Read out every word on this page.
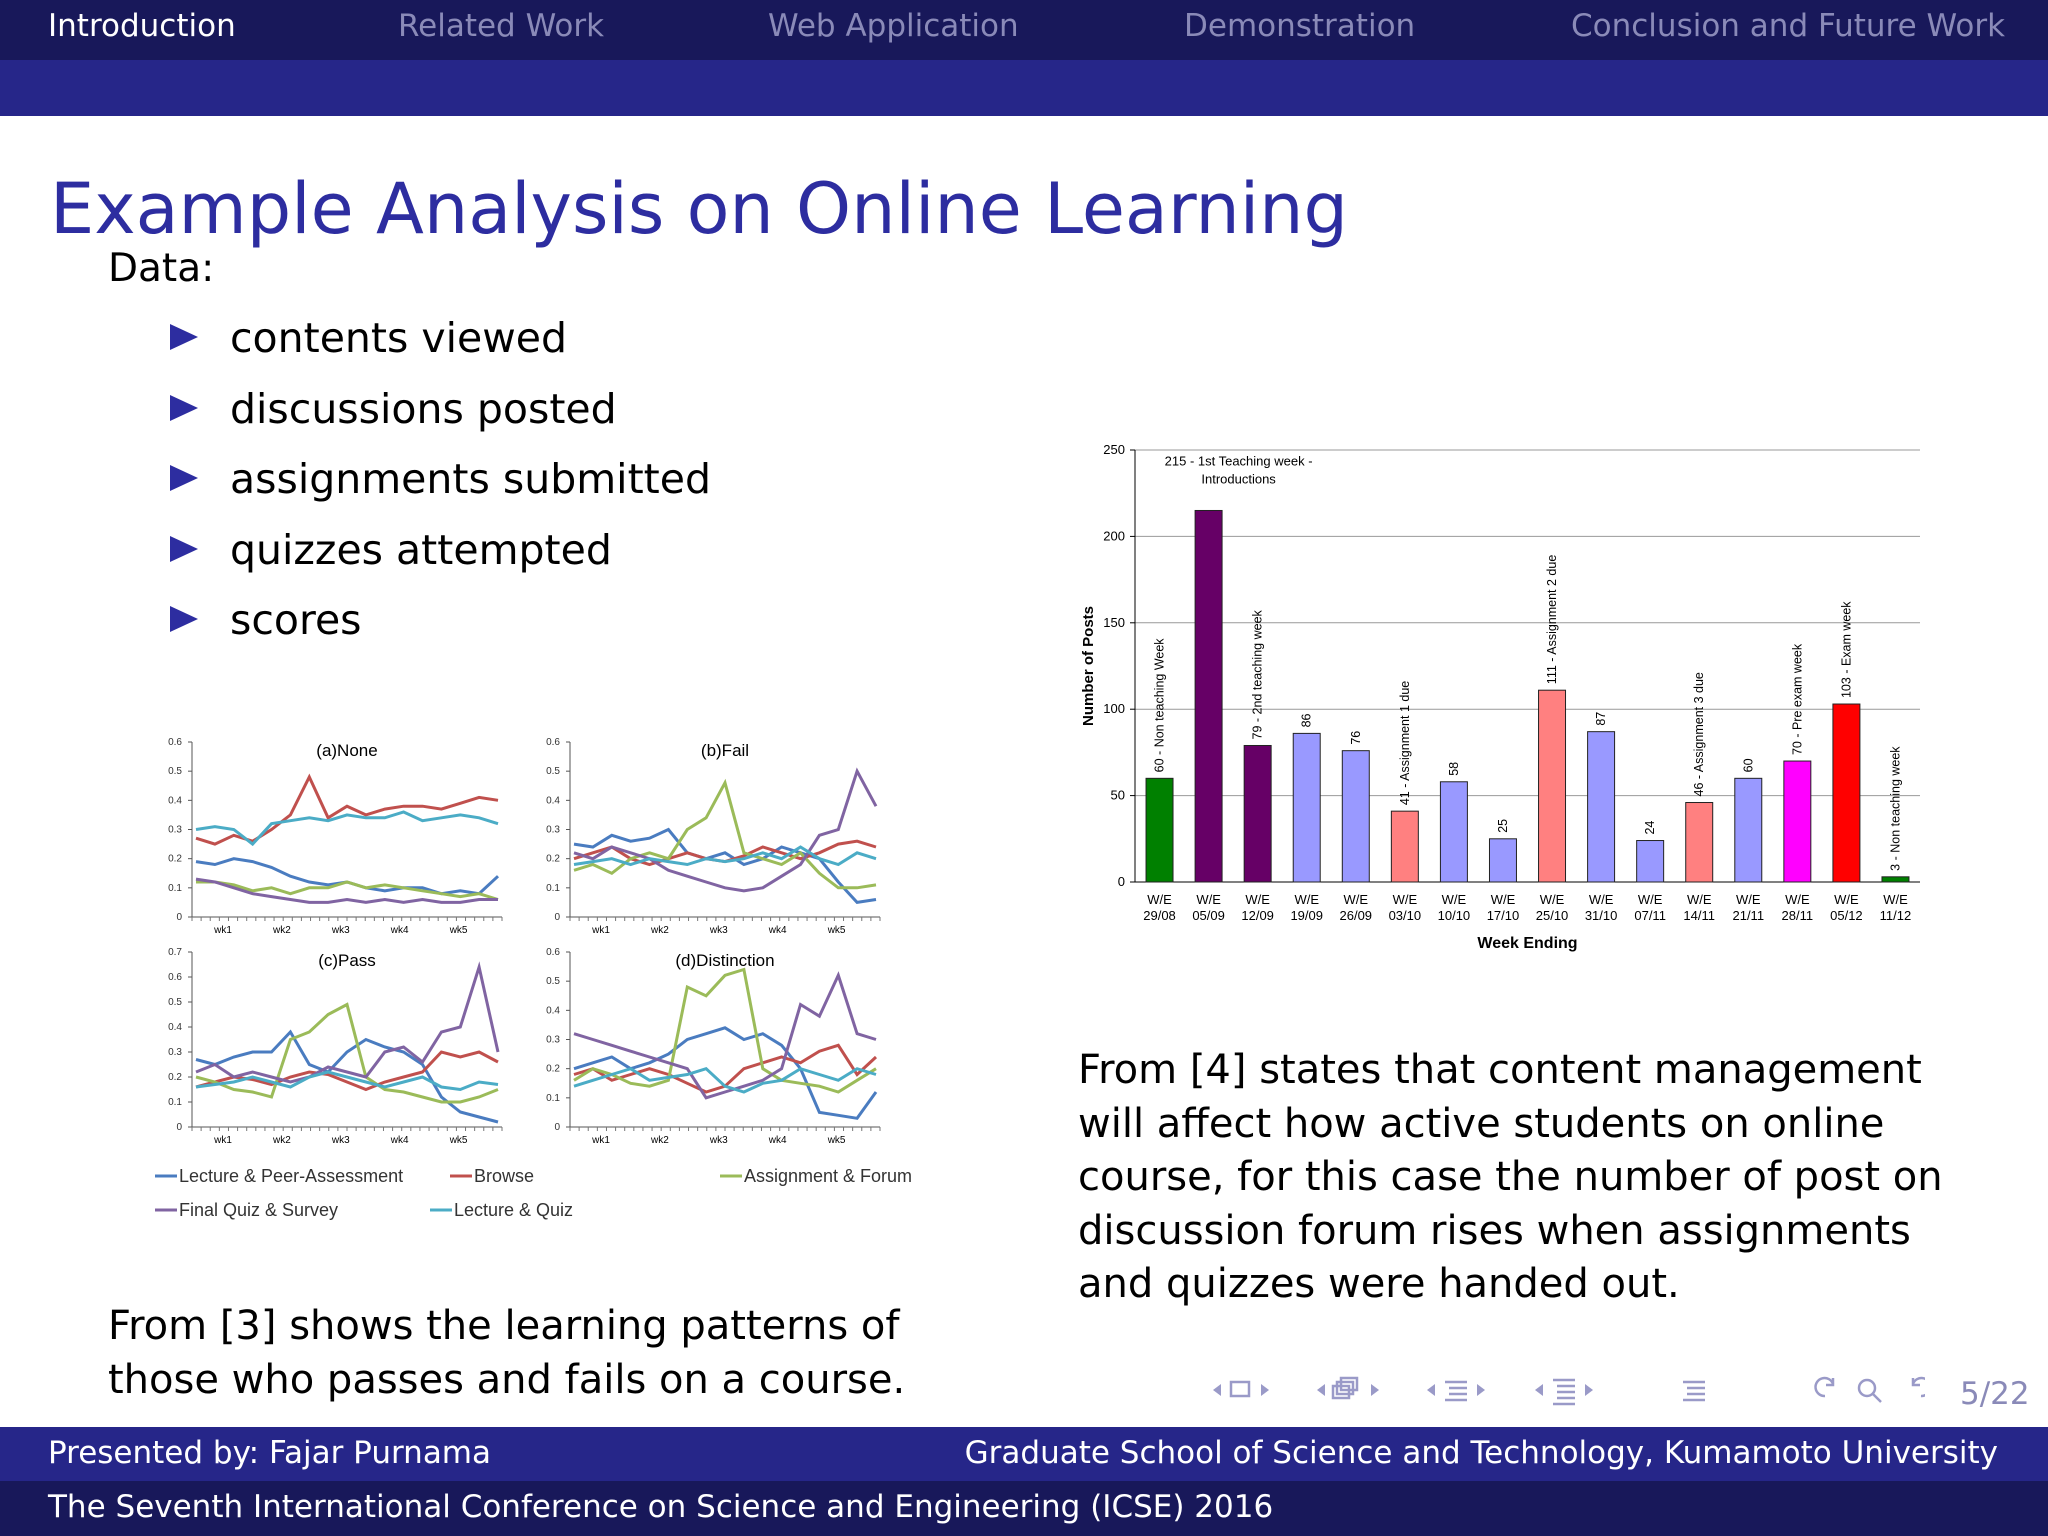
Introduction	Related Work	Web Application	Demonstration	Conclusion and Future Work
Example Analysis on Online Learning
Data:
contents viewed
discussions posted
assignments submitted
quizzes attempted
scores
0
0.1
0.2
0.3
0.4
0.5
0.6
wk1	wk2	wk3	wk4	wk5
(a)None
0
0.1
0.2
0.3
0.4
0.5
0.6
wk1	wk2	wk3	wk4	wk5
(b)Fail
0
0.1
0.2
0.3
0.4
0.5
0.6
0.7
wk1	wk2	wk3	wk4	wk5
(c)Pass
0
0.1
0.2
0.3
0.4
0.5
0.6
wk1	wk2	wk3	wk4	wk5
(d)Distinction
Lecture & Peer-Assessment	Browse	Assignment & Forum
Final Quiz & Survey	Lecture & Quiz
0
50
100
150
200
250
Number of Posts
W/E
29/08
60 - Non teaching Week
W/E
05/09
215 - 1st Teaching week -
Introductions
W/E
12/09
79 - 2nd teaching week
W/E
19/09
86
W/E
26/09
76
W/E
03/10
41 - Assignment 1 due
W/E
10/10
58
W/E
17/10
25
W/E
25/10
111 - Assignment 2 due
W/E
31/10
87
W/E
07/11
24
W/E
14/11
46 - Assignment 3 due
W/E
21/11
60
W/E
28/11
70 - Pre exam week
W/E
05/12
103 - Exam week
W/E
11/12
3 - Non teaching week
Week Ending
From [3] shows the learning patterns of
those who passes and fails on a course.
From [4] states that content management
will affect how active students on online
course, for this case the number of post on
discussion forum rises when assignments
and quizzes were handed out.
5/22
Presented by: Fajar Purnama	Graduate School of Science and Technology, Kumamoto University
The Seventh International Conference on Science and Engineering (ICSE) 2016
